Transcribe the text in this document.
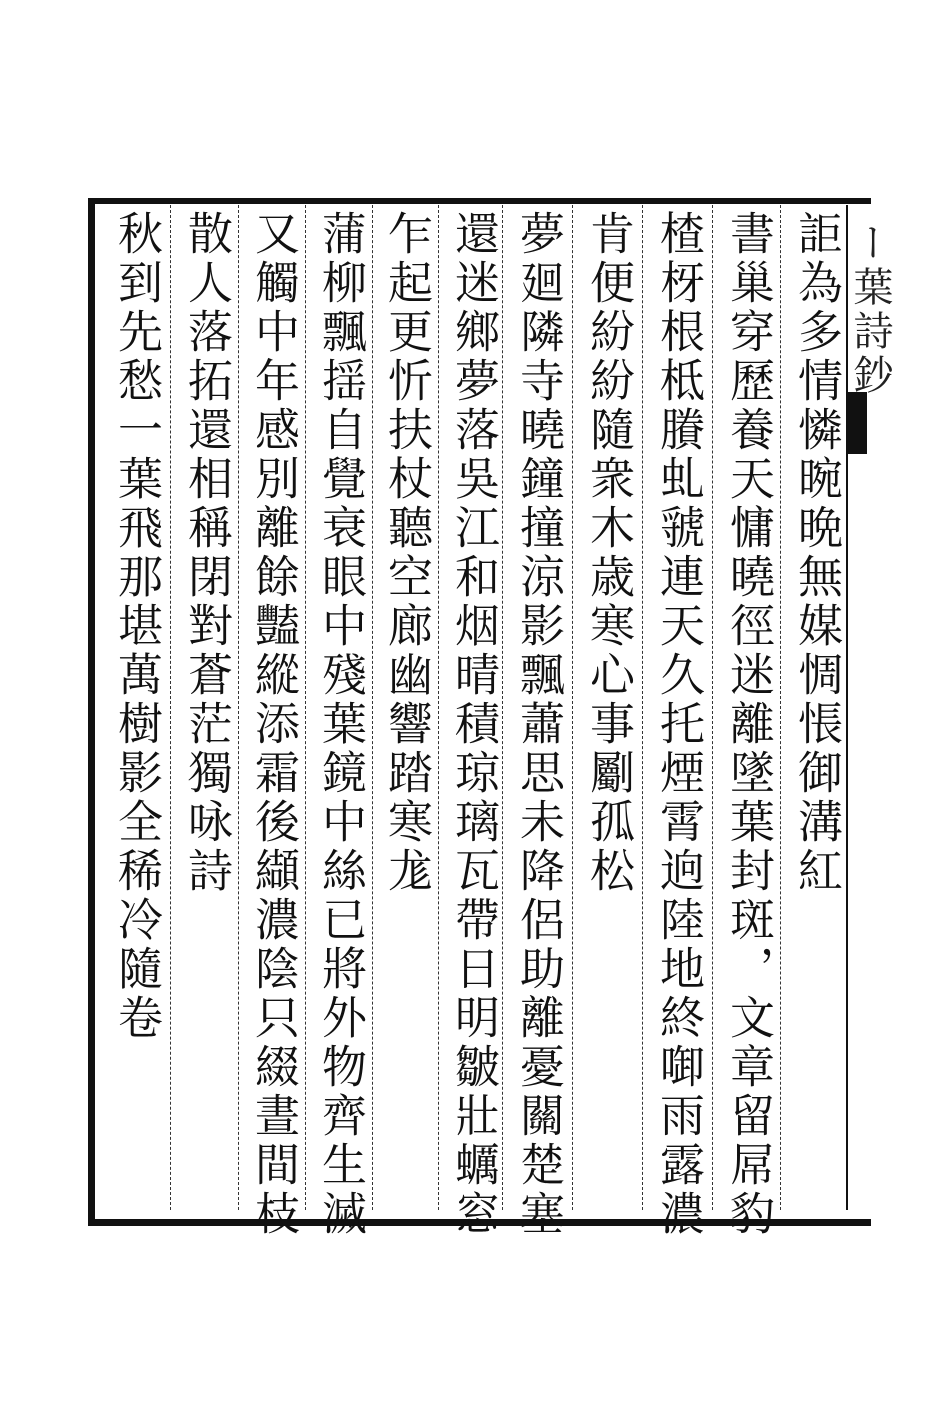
ー葉詩鈔
詎為多情憐晼晩無媒惆悵御溝紅
書巢穿歷養天慵曉徑迷離墜葉封斑，文章留屌豹
楂枒根柢賸虬虢連天久托煙霄逈陸地終啣雨露濃
肯便紛紛隨衆木歳寒心事劚孤松
夢廻隣寺曉鐘撞涼影飄蕭思未降侶助離憂關楚塞
還迷鄉夢落吳江和烟晴積琼璃瓦帶日明皺壯蠣窓
乍起更忻扶杖聽空廊幽響踏寒尨
蒲柳飄揺自覺衰眼中殘葉鏡中絲已將外物齊生滅
又觸中年感別離餘豔縱添霜後纈濃陰只綴晝間枝
散人落拓還相稱閉對蒼茫獨咏詩
秋到先愁一葉飛那堪萬樹影全稀冷隨卷
